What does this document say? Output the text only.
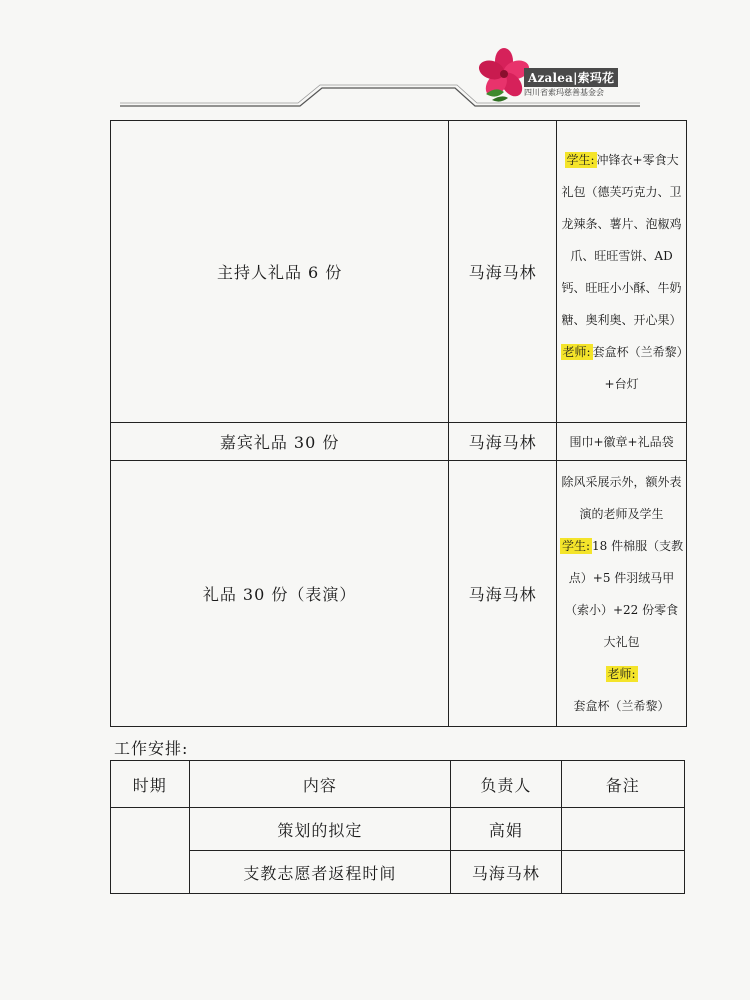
Azalea|索玛花
四川省索玛慈善基金会
主持人礼品 6 份	马海马林	学生: 冲锋衣+零食大礼包（德芙巧克力、卫龙辣条、薯片、泡椒鸡爪、旺旺雪饼、AD 钙、旺旺小小酥、牛奶糖、奥利奥、开心果）
老师: 套盒杯（兰希黎）+台灯

嘉宾礼品 30 份	马海马林	围巾+徽章+礼品袋
礼品 30 份（表演）	马海马林	除风采展示外，额外表演的老师及学生
学生: 18 件棉服（支教点）+5 件羽绒马甲（索小）+22 份零食大礼包
老师:套盒杯（兰希黎）
工作安排:
时期	内容	负责人	备注
	策划的拟定	高娟	
	支教志愿者返程时间	马海马林	
